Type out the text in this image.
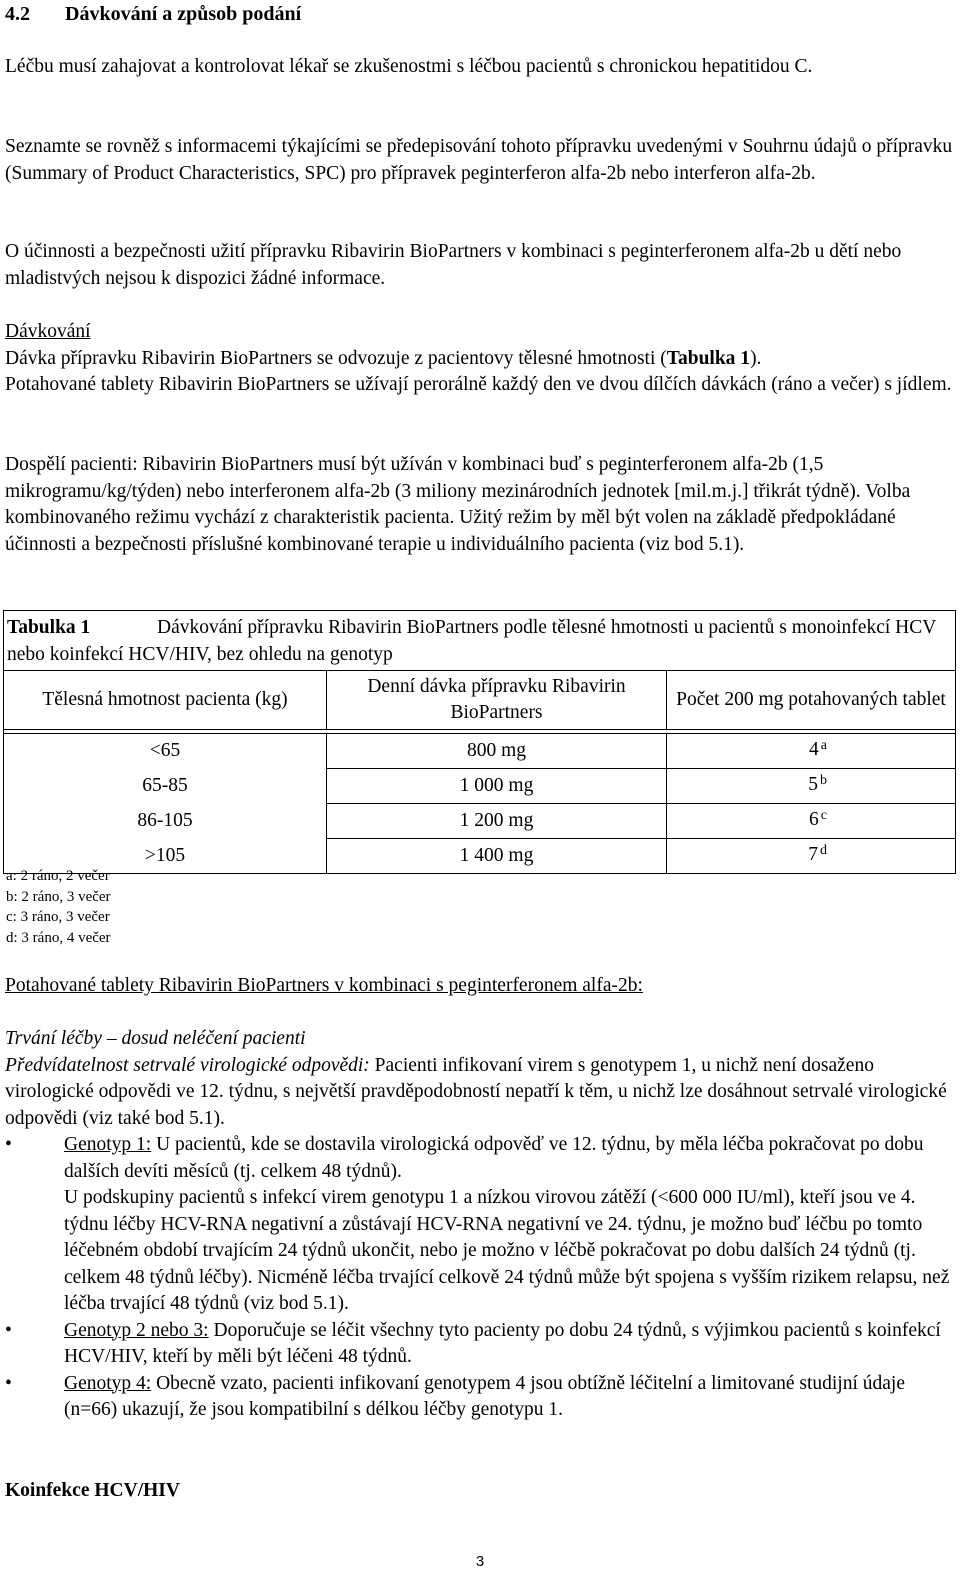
4.2 Dávkování a způsob podání

Léčbu musí zahajovat a kontrolovat lékař se zkušenostmi s léčbou pacientů s chronickou hepatitidou C.

Seznamte se rovněž s informacemi týkajícími se předepisování tohoto přípravku uvedenými v Souhrnu údajů o přípravku (Summary of Product Characteristics, SPC) pro přípravek peginterferon alfa-2b nebo interferon alfa-2b.

O účinnosti a bezpečnosti užití přípravku Ribavirin BioPartners v kombinaci s peginterferonem alfa-2b u dětí nebo mladistvých nejsou k dispozici žádné informace.

Dávkování
Dávka přípravku Ribavirin BioPartners se odvozuje z pacientovy tělesné hmotnosti (Tabulka 1).
Potahované tablety Ribavirin BioPartners se užívají perorálně každý den ve dvou dílčích dávkách (ráno a večer) s jídlem.

Dospělí pacienti: Ribavirin BioPartners musí být užíván v kombinaci buď s peginterferonem alfa-2b (1,5 mikrogramu/kg/týden) nebo interferonem alfa-2b (3 miliony mezinárodních jednotek [mil.m.j.] třikrát týdně). Volba kombinovaného režimu vychází z charakteristik pacienta. Užitý režim by měl být volen na základě předpokládané účinnosti a bezpečnosti příslušné kombinované terapie u individuálního pacienta (viz bod 5.1).

Tabulka 1 Dávkování přípravku Ribavirin BioPartners podle tělesné hmotnosti u pacientů s monoinfekcí HCV nebo koinfekcí HCV/HIV, bez ohledu na genotyp		
Tělesná hmotnost pacienta (kg)	Denní dávka přípravku Ribavirin BioPartners	Počet 200 mg potahovaných tablet

<65	800 mg	4 $^a$
65-85	1 000 mg	5 $^b$
86-105	1 200 mg	6 $^c$
>105	1 400 mg	7 $^d$
a: 2 ráno, 2 večer
b: 2 ráno, 3 večer
c: 3 ráno, 3 večer
d: 3 ráno, 4 večer
Potahované tablety Ribavirin BioPartners v kombinaci s peginterferonem alfa-2b:
Trvání léčby – dosud neléčení pacienti
Předvídatelnost setrvalé virologické odpovědi: Pacienti infikovaní virem s genotypem 1, u nichž není dosaženo virologické odpovědi ve 12. týdnu, s největší pravděpodobností nepatří k těm, u nichž lze dosáhnout setrvalé virologické odpovědi (viz také bod 5.1).
•	Genotyp 1: U pacientů, kde se dostavila virologická odpověď ve 12. týdnu, by měla léčba pokračovat po dobu dalších devíti měsíců (tj. celkem 48 týdnů).
U podskupiny pacientů s infekcí virem genotypu 1 a nízkou virovou zátěží (<600 000 IU/ml), kteří jsou ve 4. týdnu léčby HCV-RNA negativní a zůstávají HCV-RNA negativní ve 24. týdnu, je možno buď léčbu po tomto léčebném období trvajícím 24 týdnů ukončit, nebo je možno v léčbě pokračovat po dobu dalších 24 týdnů (tj. celkem 48 týdnů léčby). Nicméně léčba trvající celkově 24 týdnů může být spojena s vyšším rizikem relapsu, než léčba trvající 48 týdnů (viz bod 5.1).
•	Genotyp 2 nebo 3: Doporučuje se léčit všechny tyto pacienty po dobu 24 týdnů, s výjimkou pacientů s koinfekcí HCV/HIV, kteří by měli být léčeni 48 týdnů.
•	Genotyp 4: Obecně vzato, pacienti infikovaní genotypem 4 jsou obtížně léčitelní a limitované studijní údaje (n=66) ukazují, že jsou kompatibilní s délkou léčby genotypu 1.
Koinfekce HCV/HIV
3
